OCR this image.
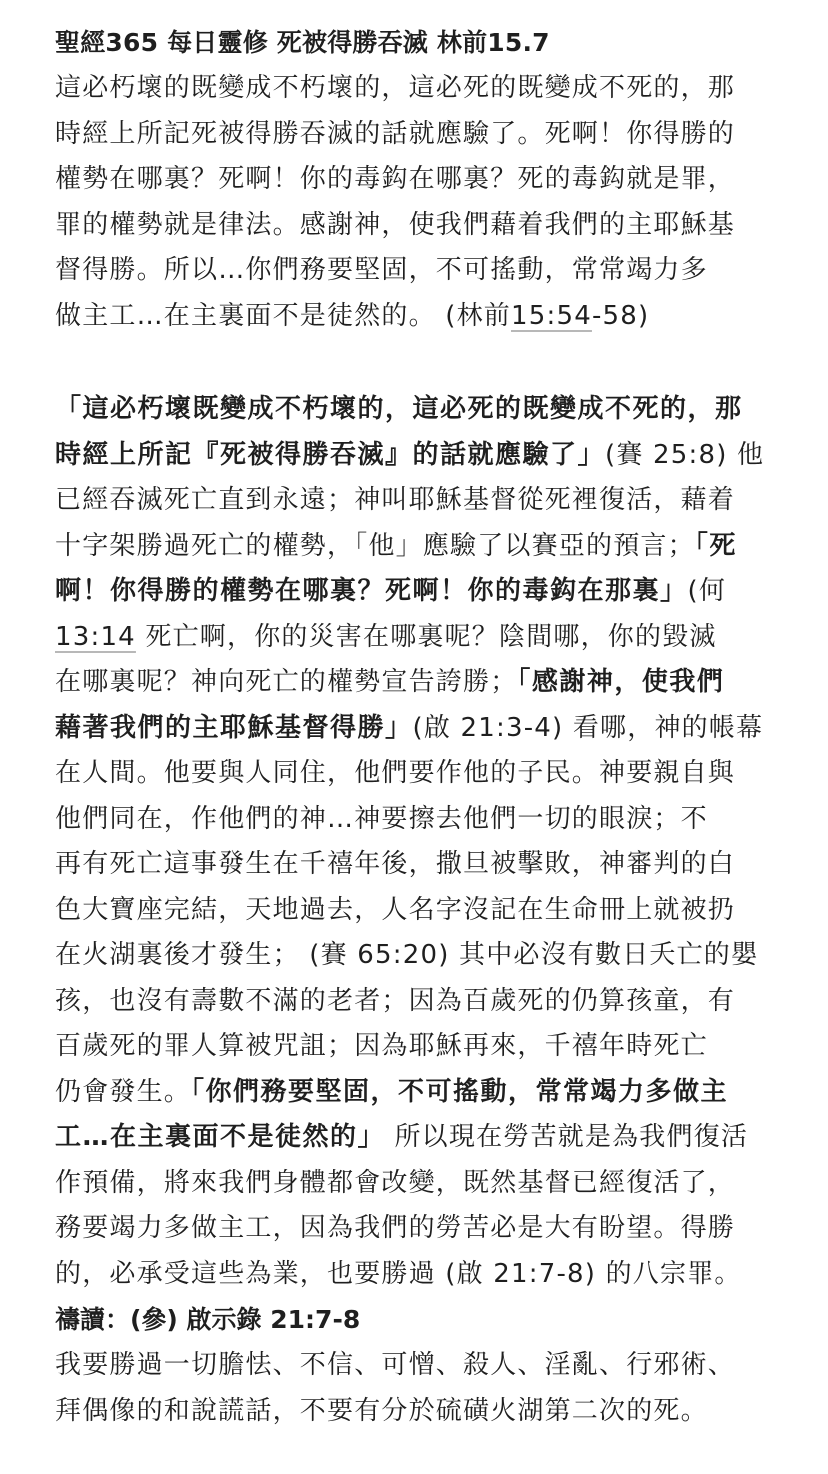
聖經365 每日靈修 死被得勝吞滅 林前15.7

這必朽壞的既變成不朽壞的，這必死的既變成不死的，那
時經上所記死被得勝吞滅的話就應驗了。死啊！你得勝的
權勢在哪裏？死啊！你的毒鈎在哪裏？死的毒鈎就是罪，
罪的權勢就是律法。感謝神，使我們藉着我們的主耶穌基
督得勝。所以…你們務要堅固，不可搖動，常常竭力多
做主工…在主裏面不是徒然的。 (林前15:54-58)

「這必朽壞既變成不朽壞的，這必死的既變成不死的，那
時經上所記『死被得勝吞滅』的話就應驗了」(賽 25:8) 他
已經吞滅死亡直到永遠；神叫耶穌基督從死裡復活，藉着
十字架勝過死亡的權勢，「他」應驗了以賽亞的預言；「死
啊！你得勝的權勢在哪裏？死啊！你的毒鈎在那裏」(何
13:14 死亡啊，你的災害在哪裏呢？陰間哪，你的毀滅
在哪裏呢？神向死亡的權勢宣告誇勝；「感謝神，使我們
藉著我們的主耶穌基督得勝」(啟 21:3-4) 看哪，神的帳幕
在人間。他要與人同住，他們要作他的子民。神要親自與
他們同在，作他們的神…神要擦去他們一切的眼淚；不
再有死亡這事發生在千禧年後，撒旦被擊敗，神審判的白
色大寶座完結，天地過去，人名字沒記在生命冊上就被扔
在火湖裏後才發生； (賽 65:20) 其中必沒有數日夭亡的嬰
孩，也沒有壽數不滿的老者；因為百歲死的仍算孩童，有
百歲死的罪人算被咒詛；因為耶穌再來，千禧年時死亡
仍會發生。「你們務要堅固，不可搖動，常常竭力多做主
工…在主裏面不是徒然的」 所以現在勞苦就是為我們復活
作預備，將來我們身體都會改變，既然基督已經復活了，
務要竭力多做主工，因為我們的勞苦必是大有盼望。得勝
的，必承受這些為業，也要勝過 (啟 21:7-8) 的八宗罪。

禱讀：(參) 啟示錄 21:7-8

我要勝過一切膽怯、不信、可憎、殺人、淫亂、行邪術、
拜偶像的和說謊話，不要有分於硫磺火湖第二次的死。
